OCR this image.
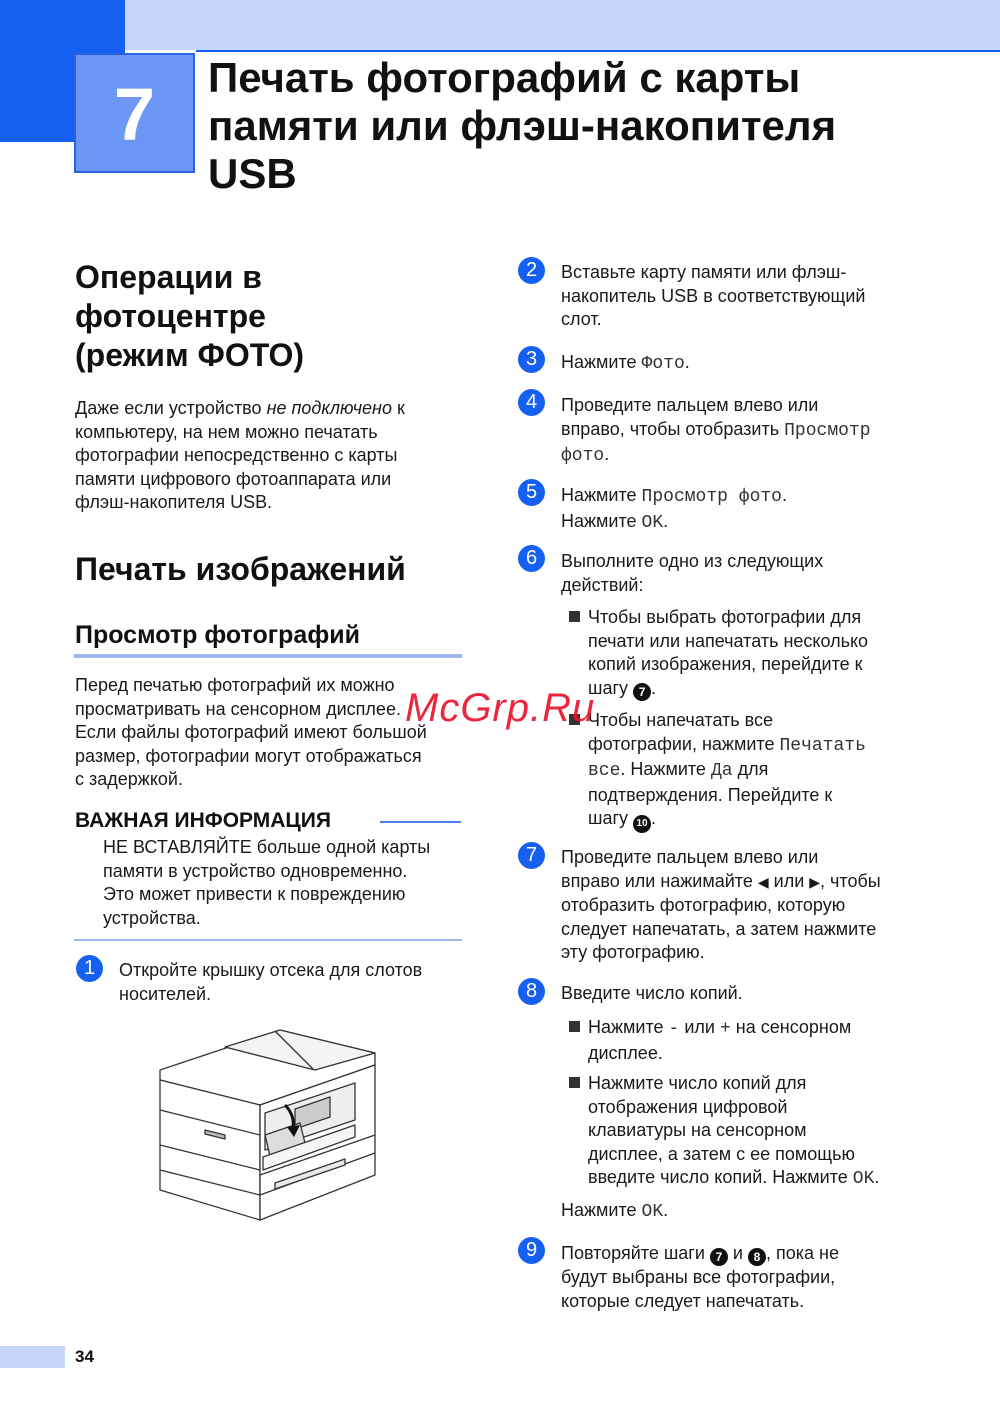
7	Печать фотографий с карты
памяти или флэш-накопителя
USB
Операции в
фотоцентре
(режим ФОТО)
Даже если устройство не подключено к
компьютеру, на нем можно печатать
фотографии непосредственно с карты
памяти цифрового фотоаппарата или
флэш-накопителя USB.
Печать изображений
Просмотр фотографий
Перед печатью фотографий их можно
просматривать на сенсорном дисплее.
Если файлы фотографий имеют большой
размер, фотографии могут отображаться
с задержкой.
ВАЖНАЯ ИНФОРМАЦИЯ
НЕ ВСТАВЛЯЙТЕ больше одной карты
памяти в устройство одновременно.
Это может привести к повреждению
устройства.
1	Откройте крышку отсека для слотов
носителей.
2	Вставьте карту памяти или флэш-
накопитель USB в соответствующий
слот.
3	Нажмите Фото.
4	Проведите пальцем влево или
вправо, чтобы отобразить Просмотр
фото.
5	Нажмите Просмотр фото.
Нажмите OK.
6	Выполните одно из следующих
действий:
Чтобы выбрать фотографии для
печати или напечатать несколько
копий изображения, перейдите к
шагу 7 .
Чтобы напечатать все
фотографии, нажмите Печатать
все. Нажмите Да для
подтверждения. Перейдите к
шагу 10 .
7	Проведите пальцем влево или
вправо или нажимайте ◀ или ▶, чтобы
отобразить фотографию, которую
следует напечатать, а затем нажмите
эту фотографию.
8	Введите число копий.
Нажмите - или + на сенсорном
дисплее.
Нажмите число копий для
отображения цифровой
клавиатуры на сенсорном
дисплее, а затем с ее помощью
введите число копий. Нажмите OK.
Нажмите OK.
9	Повторяйте шаги 7 и 8 , пока не
будут выбраны все фотографии,
которые следует напечатать.
McGrp.Ru
34
